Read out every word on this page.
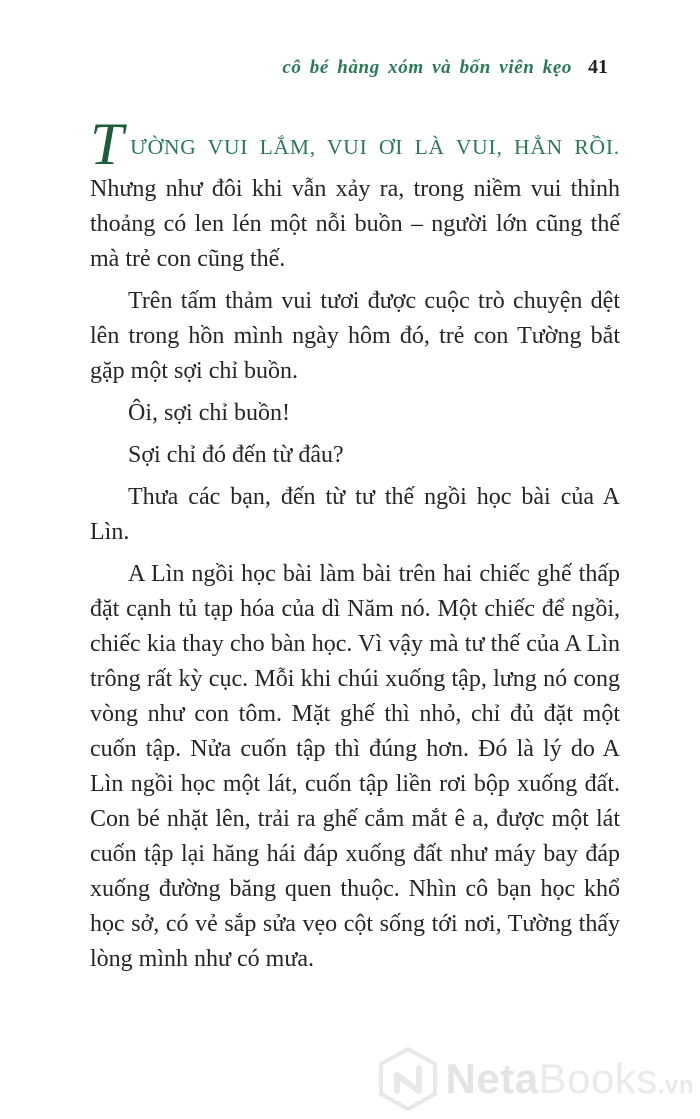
cô bé hàng xóm và bốn viên kẹo 41
TƯỜNG VUI LẮM, VUI ƠI LÀ VUI, HẲN RỒI.

Nhưng như đôi khi vẫn xảy ra, trong niềm vui thỉnh thoảng có len lén một nỗi buồn – người lớn cũng thế mà trẻ con cũng thế.

Trên tấm thảm vui tươi được cuộc trò chuyện dệt lên trong hồn mình ngày hôm đó, trẻ con Tường bắt gặp một sợi chỉ buồn.

Ôi, sợi chỉ buồn!

Sợi chỉ đó đến từ đâu?

Thưa các bạn, đến từ tư thế ngồi học bài của A Lìn.

A Lìn ngồi học bài làm bài trên hai chiếc ghế thấp đặt cạnh tủ tạp hóa của dì Năm nó. Một chiếc để ngồi, chiếc kia thay cho bàn học. Vì vậy mà tư thế của A Lìn trông rất kỳ cục. Mỗi khi chúi xuống tập, lưng nó cong vòng như con tôm. Mặt ghế thì nhỏ, chỉ đủ đặt một cuốn tập. Nửa cuốn tập thì đúng hơn. Đó là lý do A Lìn ngồi học một lát, cuốn tập liền rơi bộp xuống đất. Con bé nhặt lên, trải ra ghế cắm mắt ê a, được một lát cuốn tập lại hăng hái đáp xuống đất như máy bay đáp xuống đường băng quen thuộc. Nhìn cô bạn học khổ học sở, có vẻ sắp sửa vẹo cột sống tới nơi, Tường thấy lòng mình như có mưa.

NetaBooks.vn
